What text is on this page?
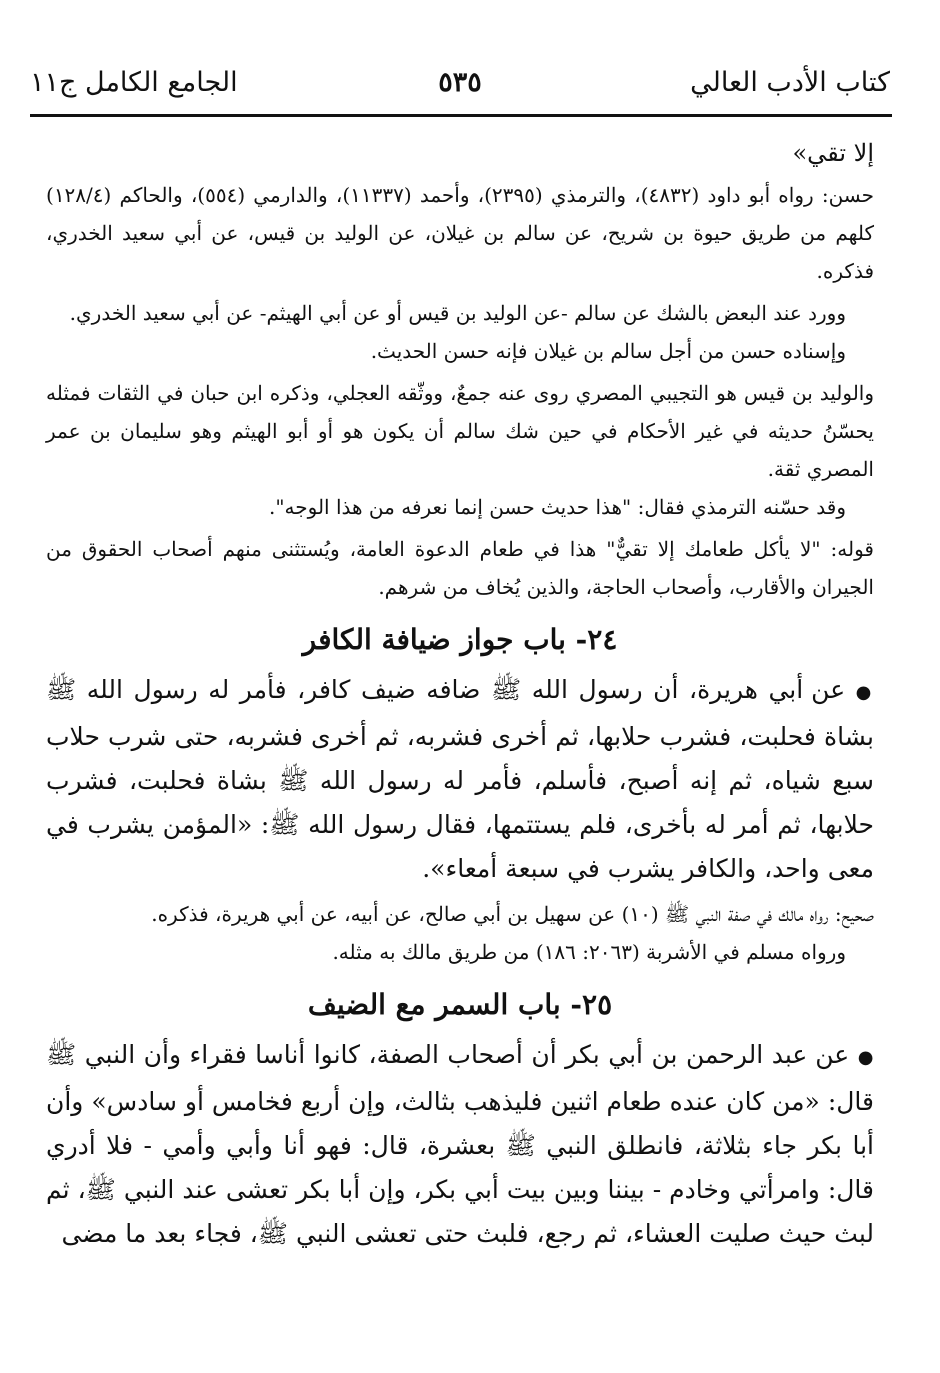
٥٣٥	كتاب الأدب العالي
الجامع الكامل ج١١

إلا تقي»

حسن: رواه أبو داود (٤٨٣٢)، والترمذي (٢٣٩٥)، وأحمد (١١٣٣٧)، والدارمي (٥٥٤)، والحاكم (١٢٨/٤) كلهم من طريق حيوة بن شريح، عن سالم بن غيلان، عن الوليد بن قيس، عن أبي سعيد الخدري، فذكره.

وورد عند البعض بالشك عن سالم -عن الوليد بن قيس أو عن أبي الهيثم- عن أبي سعيد الخدري.

وإسناده حسن من أجل سالم بن غيلان فإنه حسن الحديث.

والوليد بن قيس هو التجيبي المصري روى عنه جمعٌ، ووثّقه العجلي، وذكره ابن حبان في الثقات فمثله يحسّنُ حديثه في غير الأحكام في حين شك سالم أن يكون هو أو أبو الهيثم وهو سليمان بن عمر المصري ثقة.

وقد حسّنه الترمذي فقال: "هذا حديث حسن إنما نعرفه من هذا الوجه".

قوله: "لا يأكل طعامك إلا تقيٌّ" هذا في طعام الدعوة العامة، ويُستثنى منهم أصحاب الحقوق من الجيران والأقارب، وأصحاب الحاجة، والذين يُخاف من شرهم.

٢٤- باب جواز ضيافة الكافر

● عن أبي هريرة، أن رسول الله ﷺ ضافه ضيف كافر، فأمر له رسول الله ﷺ بشاة فحلبت، فشرب حلابها، ثم أخرى فشربه، ثم أخرى فشربه، حتى شرب حلاب سبع شياه، ثم إنه أصبح، فأسلم، فأمر له رسول الله ﷺ بشاة فحلبت، فشرب حلابها، ثم أمر له بأخرى، فلم يستتمها، فقال رسول الله ﷺ: «المؤمن يشرب في معى واحد، والكافر يشرب في سبعة أمعاء».

صحيح: رواه مالك في صفة النبي ﷺ (١٠) عن سهيل بن أبي صالح، عن أبيه، عن أبي هريرة، فذكره.

ورواه مسلم في الأشربة (٢٠٦٣: ١٨٦) من طريق مالك به مثله.

٢٥- باب السمر مع الضيف

● عن عبد الرحمن بن أبي بكر أن أصحاب الصفة، كانوا أناسا فقراء وأن النبي ﷺ قال: «من كان عنده طعام اثنين فليذهب بثالث، وإن أربع فخامس أو سادس» وأن أبا بكر جاء بثلاثة، فانطلق النبي ﷺ بعشرة، قال: فهو أنا وأبي وأمي - فلا أدري قال: وامرأتي وخادم - بيننا وبين بيت أبي بكر، وإن أبا بكر تعشى عند النبي ﷺ، ثم لبث حيث صليت العشاء، ثم رجع، فلبث حتى تعشى النبي ﷺ، فجاء بعد ما مضى
